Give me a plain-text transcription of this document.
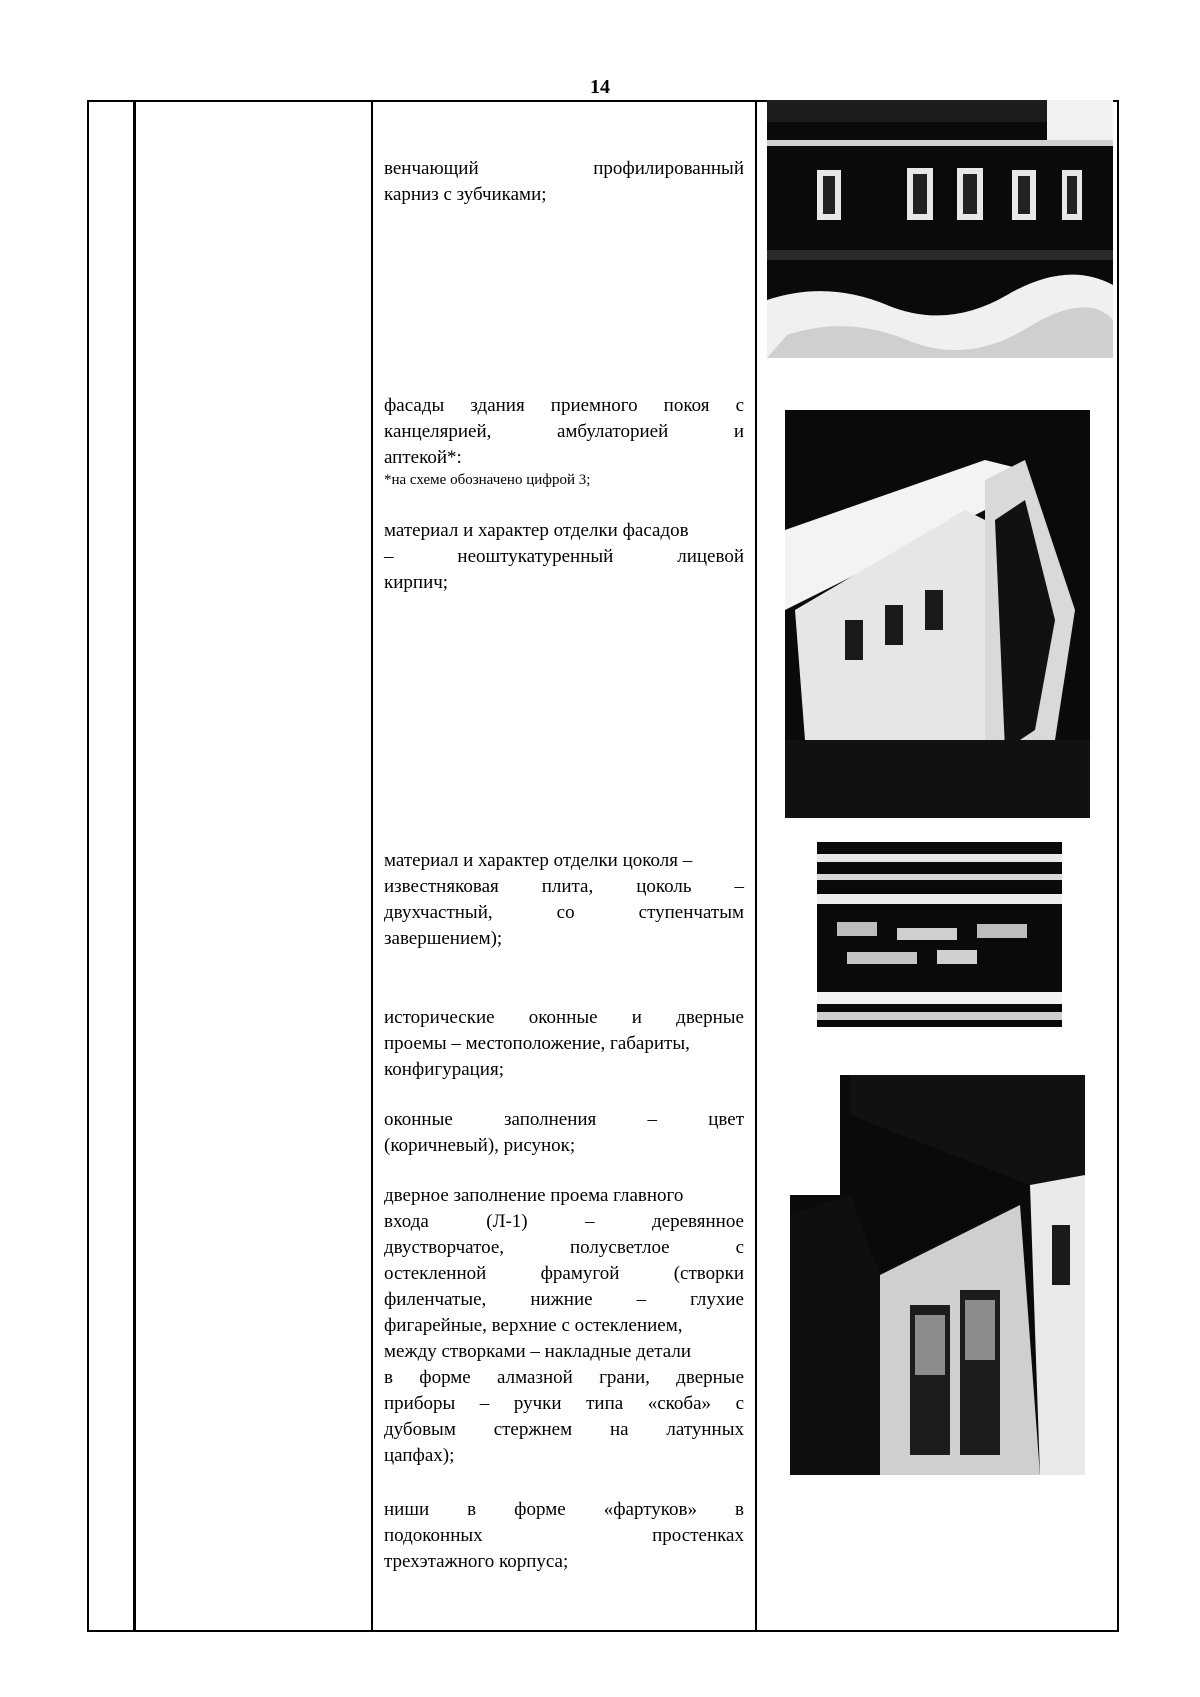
14
венчающий профилированный
карниз с зубчиками;
фасады здания приемного покоя с
канцелярией, амбулаторией и
аптекой*:
*на схеме обозначено цифрой 3;
материал и характер отделки фасадов
– неоштукатуренный лицевой
кирпич;
материал и характер отделки цоколя –
известняковая плита, цоколь –
двухчастный, со ступенчатым
завершением);
исторические оконные и дверные
проемы – местоположение, габариты,
конфигурация;
оконные заполнения – цвет
(коричневый), рисунок;
дверное заполнение проема главного
входа (Л-1) – деревянное
двустворчатое, полусветлое с
остекленной фрамугой (створки
филенчатые, нижние – глухие
фигарейные, верхние с остеклением,
между створками – накладные детали
в форме алмазной грани, дверные
приборы – ручки типа «скоба» с
дубовым стержнем на латунных
цапфах);
ниши в форме «фартуков» в
подоконных простенках
трехэтажного корпуса;
